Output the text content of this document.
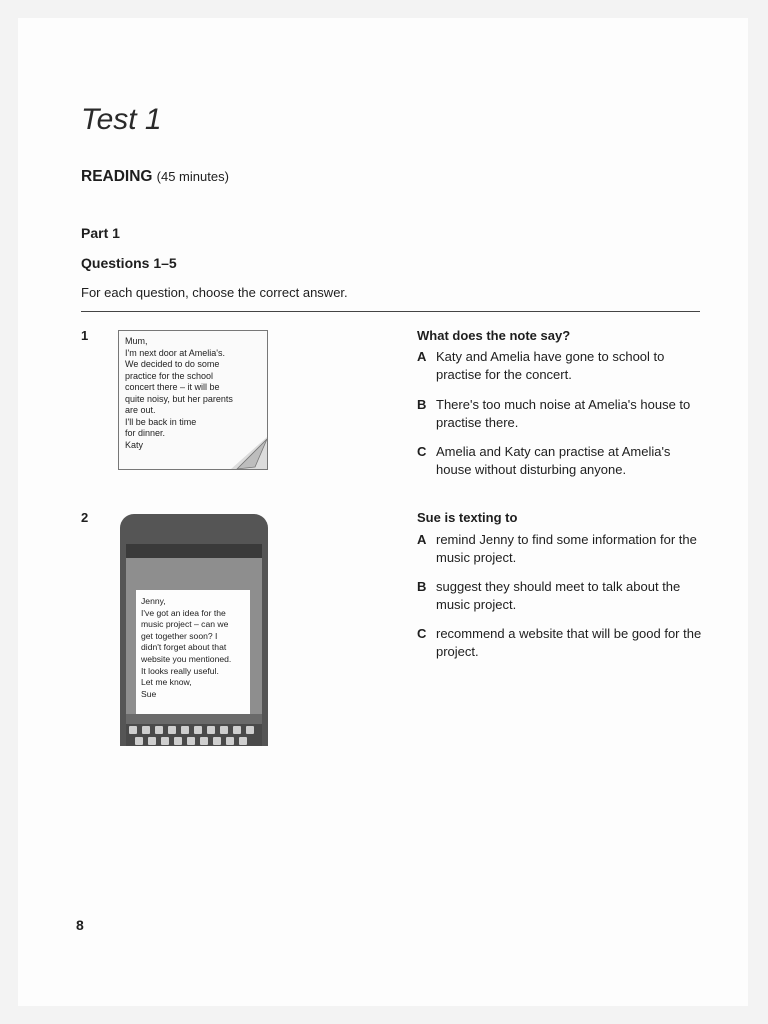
Test 1
READING (45 minutes)
Part 1
Questions 1–5
For each question, choose the correct answer.
1	Mum,
I'm next door at Amelia's.
We decided to do some
practice for the school
concert there – it will be
quite noisy, but her parents
are out.
I'll be back in time
for dinner.
Katy
What does the note say?
A Katy and Amelia have gone to school to practise for the concert.
B There's too much noise at Amelia's house to practise there.
C Amelia and Katy can practise at Amelia's house without disturbing anyone.
2
Jenny,
I've got an idea for the
music project – can we
get together soon? I
didn't forget about that
website you mentioned.
It looks really useful.
Let me know,
Sue
Sue is texting to
A remind Jenny to find some information for the music project.
B suggest they should meet to talk about the music project.
C recommend a website that will be good for the project.
8
